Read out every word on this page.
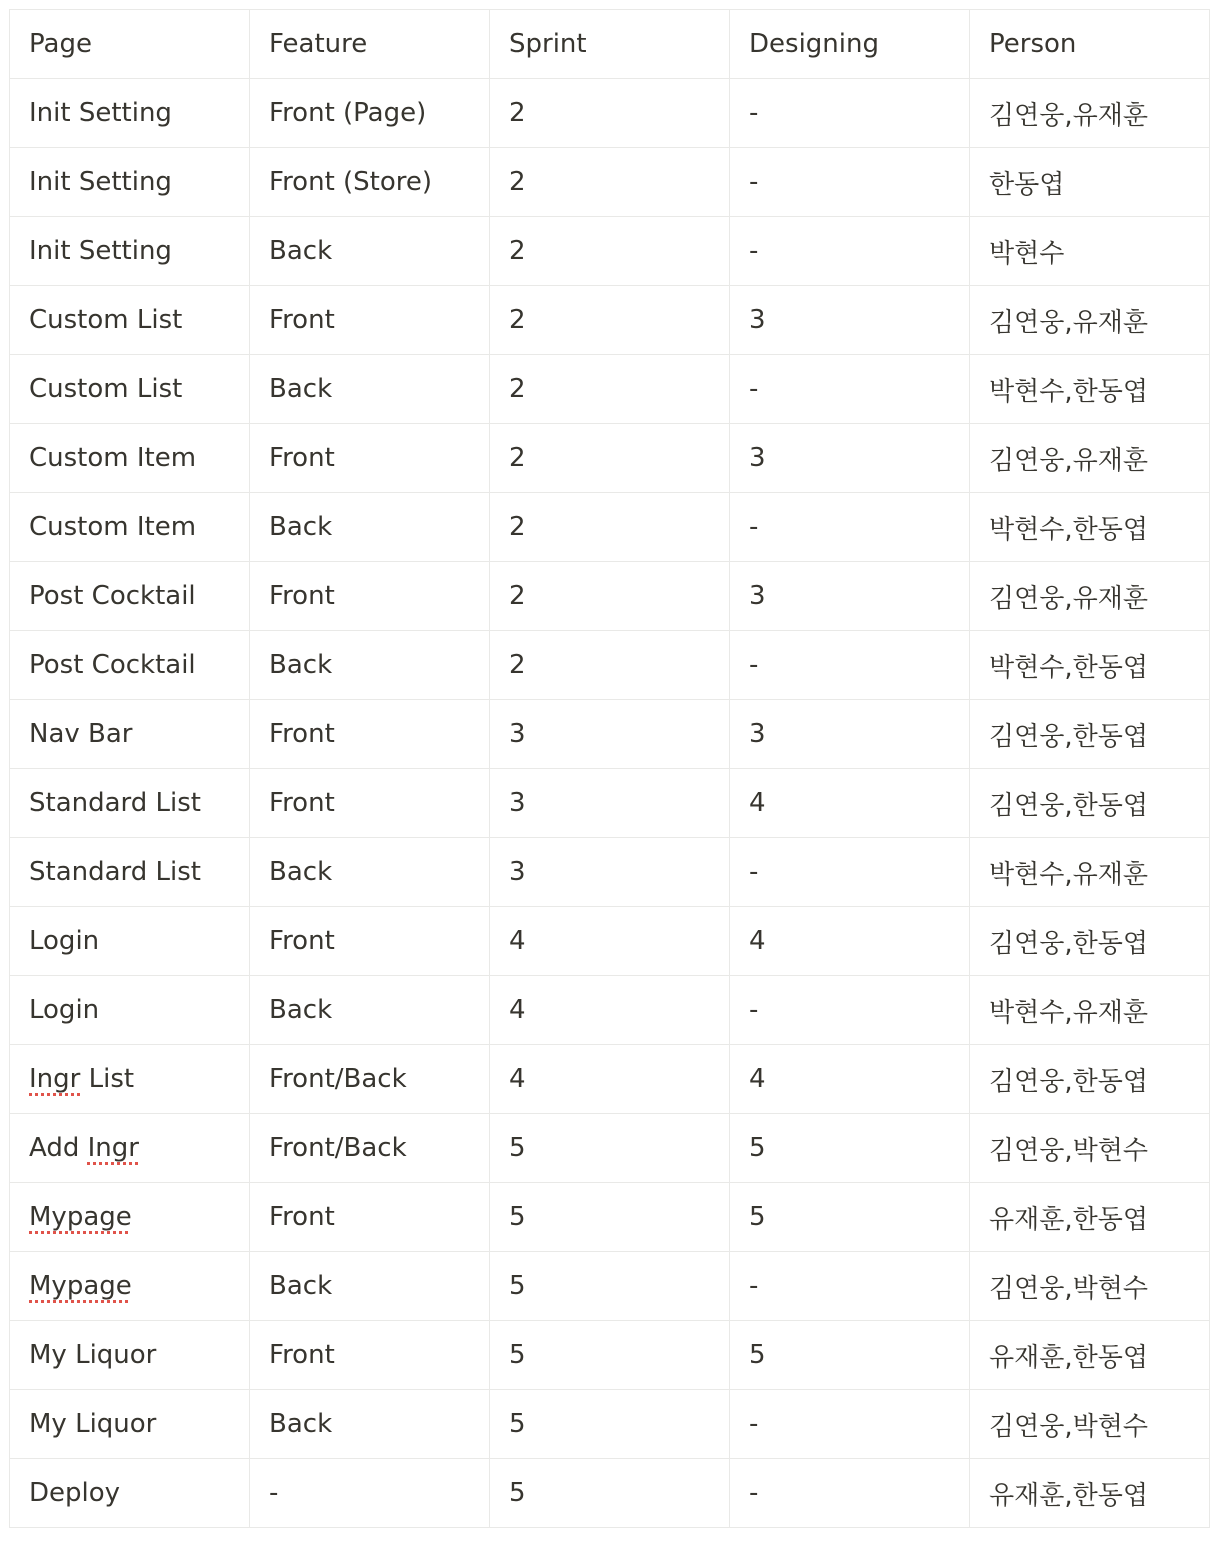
Page	Feature	Sprint	Designing	Person
Init Setting	Front (Page)	2	-	김연웅,유재훈
Init Setting	Front (Store)	2	-	한동엽
Init Setting	Back	2	-	박현수
Custom List	Front	2	3	김연웅,유재훈
Custom List	Back	2	-	박현수,한동엽
Custom Item	Front	2	3	김연웅,유재훈
Custom Item	Back	2	-	박현수,한동엽
Post Cocktail	Front	2	3	김연웅,유재훈
Post Cocktail	Back	2	-	박현수,한동엽
Nav Bar	Front	3	3	김연웅,한동엽
Standard List	Front	3	4	김연웅,한동엽
Standard List	Back	3	-	박현수,유재훈
Login	Front	4	4	김연웅,한동엽
Login	Back	4	-	박현수,유재훈
Ingr List	Front/Back	4	4	김연웅,한동엽
Add Ingr	Front/Back	5	5	김연웅,박현수
Mypage	Front	5	5	유재훈,한동엽
Mypage	Back	5	-	김연웅,박현수
My Liquor	Front	5	5	유재훈,한동엽
My Liquor	Back	5	-	김연웅,박현수
Deploy	-	5	-	유재훈,한동엽
